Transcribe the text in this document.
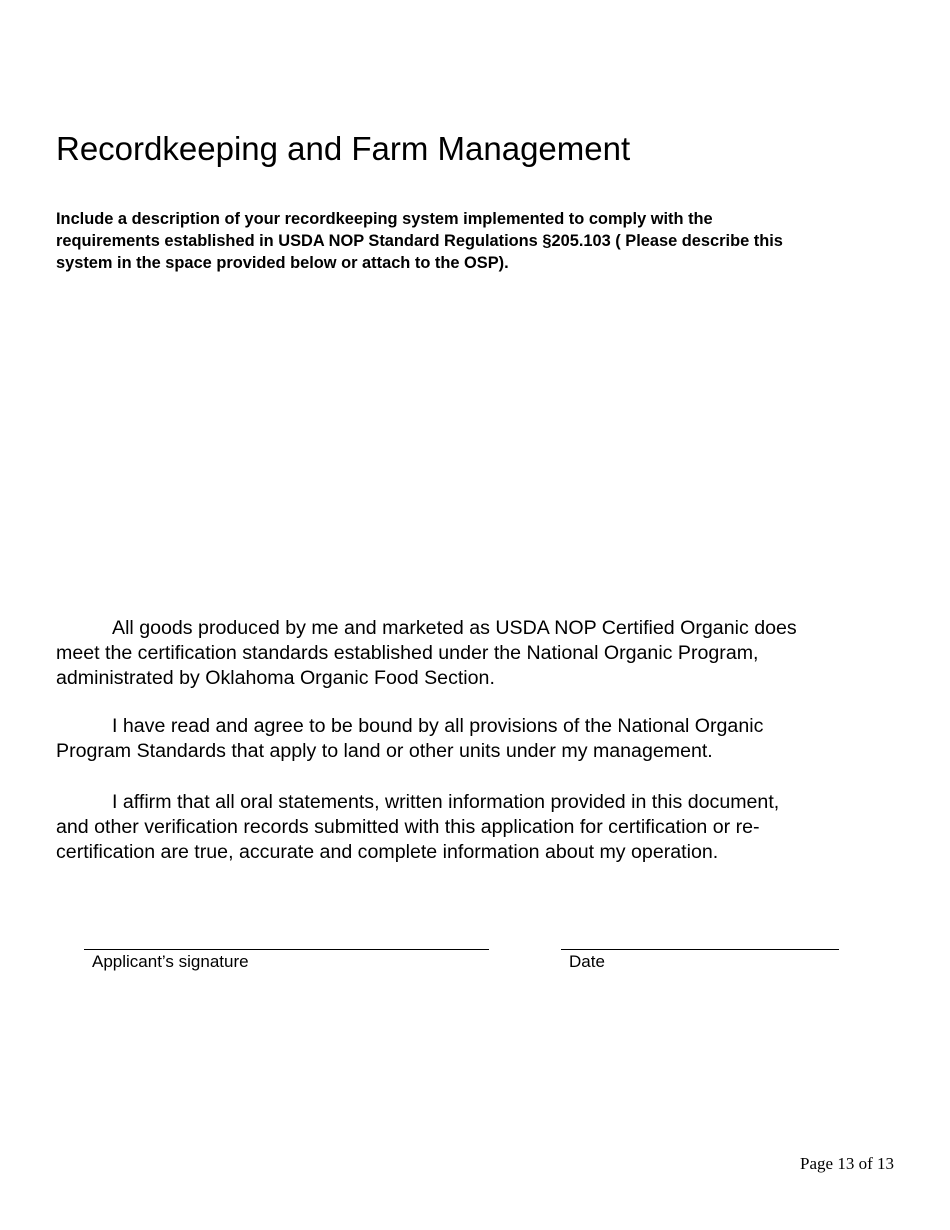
Recordkeeping and Farm Management

Include a description of your recordkeeping system implemented to comply with the
requirements established in USDA NOP Standard Regulations §205.103 ( Please describe this
system in the space provided below or attach to the OSP).

All goods produced by me and marketed as USDA NOP Certified Organic does
meet the certification standards established under the National Organic Program,
administrated by Oklahoma Organic Food Section.

I have read and agree to be bound by all provisions of the National Organic
Program Standards that apply to land or other units under my management.

I affirm that all oral statements, written information provided in this document,
and other verification records submitted with this application for certification or re-
certification are true, accurate and complete information about my operation.

Applicant’s signature	Date
Page 13 of 13
